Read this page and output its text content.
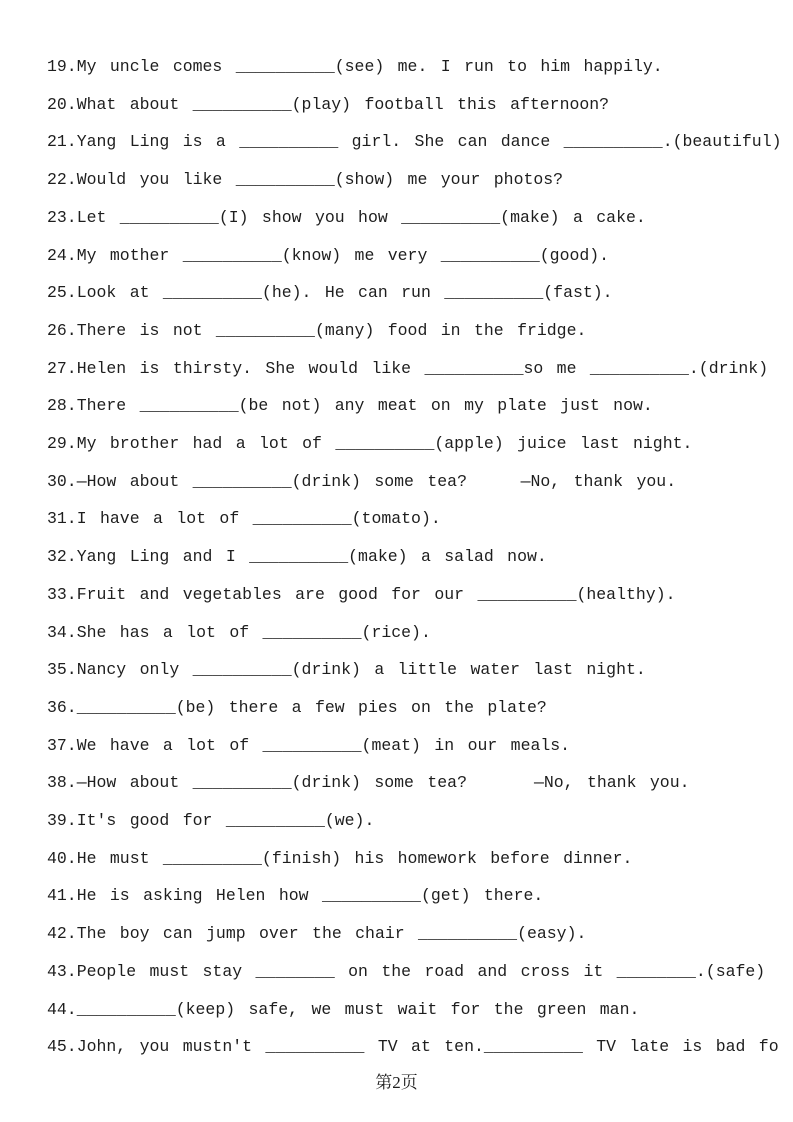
19.My uncle comes __________(see) me. I run to him happily.
20.What about __________(play) football this afternoon?
21.Yang Ling is a __________ girl. She can dance __________.(beautiful)
22.Would you like __________(show) me your photos?
23.Let __________(I) show you how __________(make) a cake.
24.My mother __________(know) me very __________(good).
25.Look at __________(he). He can run __________(fast).
26.There is not __________(many) food in the fridge.
27.Helen is thirsty. She would like __________so me __________.(drink)
28.There __________(be not) any meat on my plate just now.
29.My brother had a lot of __________(apple) juice last night.
30.—How about __________(drink) some tea?    —No, thank you.
31.I have a lot of __________(tomato).
32.Yang Ling and I __________(make) a salad now.
33.Fruit and vegetables are good for our __________(healthy).
34.She has a lot of __________(rice).
35.Nancy only __________(drink) a little water last night.
36.__________(be) there a few pies on the plate?
37.We have a lot of __________(meat) in our meals.
38.—How about __________(drink) some tea?     —No, thank you.
39.It's good for __________(we).
40.He must __________(finish) his homework before dinner.
41.He is asking Helen how __________(get) there.
42.The boy can jump over the chair __________(easy).
43.People must stay ________ on the road and cross it ________.(safe)
44.__________(keep) safe, we must wait for the green man.
45.John, you mustn't __________ TV at ten.__________ TV late is bad fo
第2页
